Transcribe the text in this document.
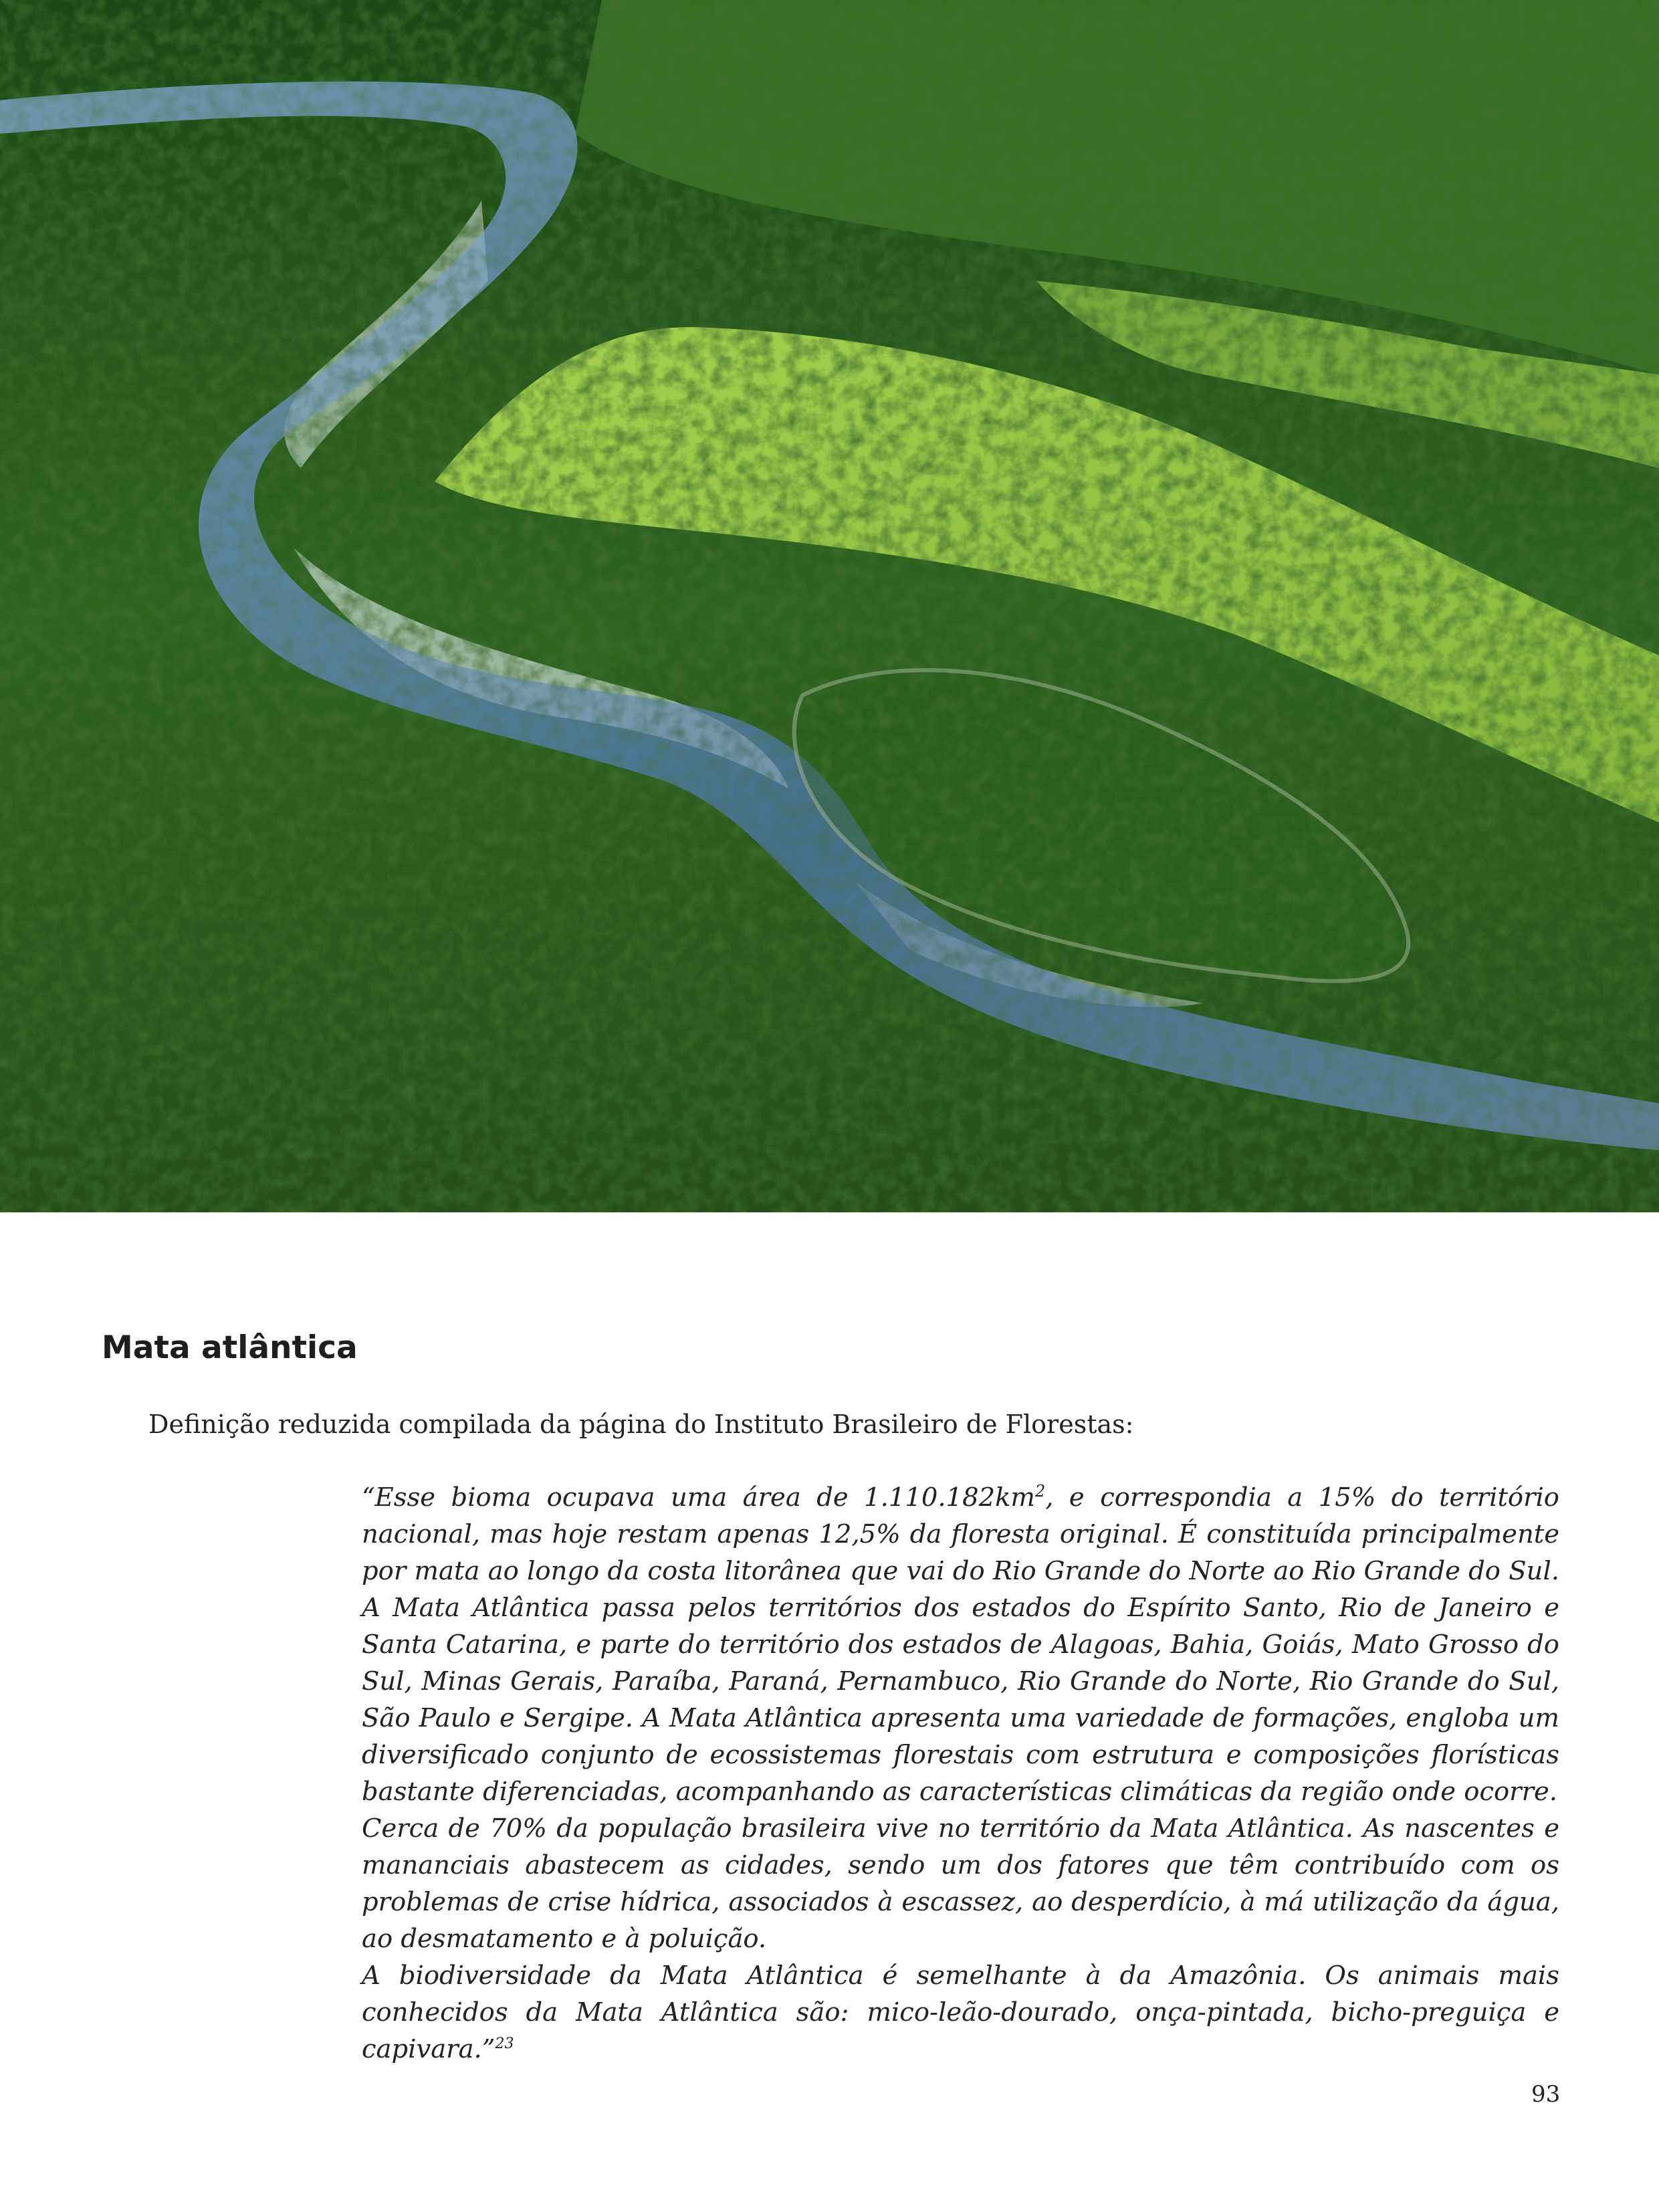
Mata atlântica

Definição reduzida compilada da página do Instituto Brasileiro de Florestas:

“Esse bioma ocupava uma área de $1.110.182km^2$, e correspondia a 15% do território nacional, mas hoje restam apenas 12,5% da floresta original. É constituída principalmente por mata ao longo da costa litorânea que vai do Rio Grande do Norte ao Rio Grande do Sul. A Mata Atlântica passa pelos territórios dos estados do Espírito Santo, Rio de Janeiro e Santa Catarina, e parte do território dos estados de Alagoas, Bahia, Goiás, Mato Grosso do Sul, Minas Gerais, Paraíba, Paraná, Pernambuco, Rio Grande do Norte, Rio Grande do Sul, São Paulo e Sergipe. A Mata Atlântica apresenta uma variedade de formações, engloba um diversificado conjunto de ecossistemas florestais com estrutura e composições florísticas bastante diferenciadas, acompanhando as características climáticas da região onde ocorre.

Cerca de 70% da população brasileira vive no território da Mata Atlântica. As nascentes e mananciais abastecem as cidades, sendo um dos fatores que têm contribuído com os problemas de crise hídrica, associados à escassez, ao desperdício, à má utilização da água, ao desmatamento e à poluição.

A biodiversidade da Mata Atlântica é semelhante à da Amazônia. Os animais mais conhecidos da Mata Atlântica são: mico-leão-dourado, onça-pintada, bicho-preguiça e capivara.”$^{23}$

93
